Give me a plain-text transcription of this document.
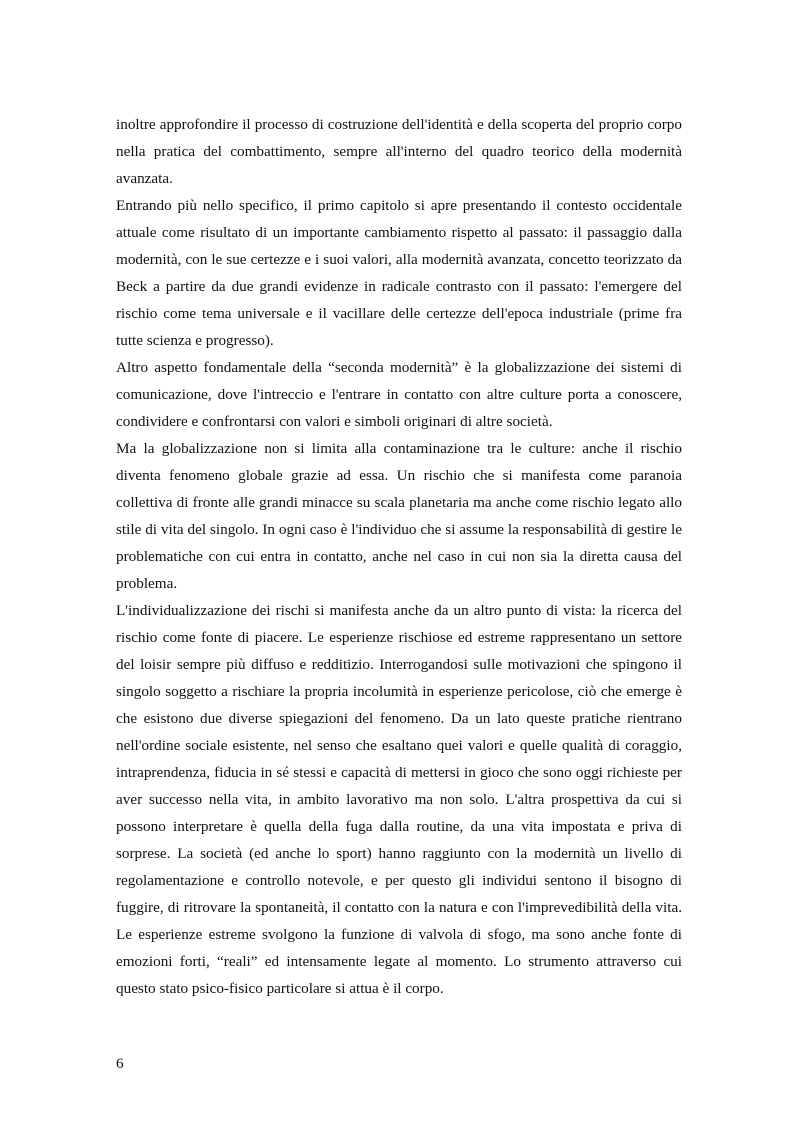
inoltre approfondire il processo di costruzione dell'identità e della scoperta del proprio corpo nella pratica del combattimento, sempre all'interno del quadro teorico della modernità avanzata.

Entrando più nello specifico, il primo capitolo si apre presentando il contesto occidentale attuale come risultato di un importante cambiamento rispetto al passato: il passaggio dalla modernità, con le sue certezze e i suoi valori, alla modernità avanzata, concetto teorizzato da Beck a partire da due grandi evidenze in radicale contrasto con il passato: l'emergere del rischio come tema universale e il vacillare delle certezze dell'epoca industriale (prime fra tutte scienza e progresso).

Altro aspetto fondamentale della “seconda modernità” è la globalizzazione dei sistemi di comunicazione, dove l'intreccio e l'entrare in contatto con altre culture porta a conoscere, condividere e confrontarsi con valori e simboli originari di altre società.

Ma la globalizzazione non si limita alla contaminazione tra le culture: anche il rischio diventa fenomeno globale grazie ad essa. Un rischio che si manifesta come paranoia collettiva di fronte alle grandi minacce su scala planetaria ma anche come rischio legato allo stile di vita del singolo. In ogni caso è l'individuo che si assume la responsabilità di gestire le problematiche con cui entra in contatto, anche nel caso in cui non sia la diretta causa del problema.

L'individualizzazione dei rischi si manifesta anche da un altro punto di vista: la ricerca del rischio come fonte di piacere. Le esperienze rischiose ed estreme rappresentano un settore del loisir sempre più diffuso e redditizio. Interrogandosi sulle motivazioni che spingono il singolo soggetto a rischiare la propria incolumità in esperienze pericolose, ciò che emerge è che esistono due diverse spiegazioni del fenomeno. Da un lato queste pratiche rientrano nell'ordine sociale esistente, nel senso che esaltano quei valori e quelle qualità di coraggio, intraprendenza, fiducia in sé stessi e capacità di mettersi in gioco che sono oggi richieste per aver successo nella vita, in ambito lavorativo ma non solo. L'altra prospettiva da cui si possono interpretare è quella della fuga dalla routine, da una vita impostata e priva di sorprese. La società (ed anche lo sport) hanno raggiunto con la modernità un livello di regolamentazione e controllo notevole, e per questo gli individui sentono il bisogno di fuggire, di ritrovare la spontaneità, il contatto con la natura e con l'imprevedibilità della vita. Le esperienze estreme svolgono la funzione di valvola di sfogo, ma sono anche fonte di emozioni forti, “reali” ed intensamente legate al momento. Lo strumento attraverso cui questo stato psico-fisico particolare si attua è il corpo.

6
